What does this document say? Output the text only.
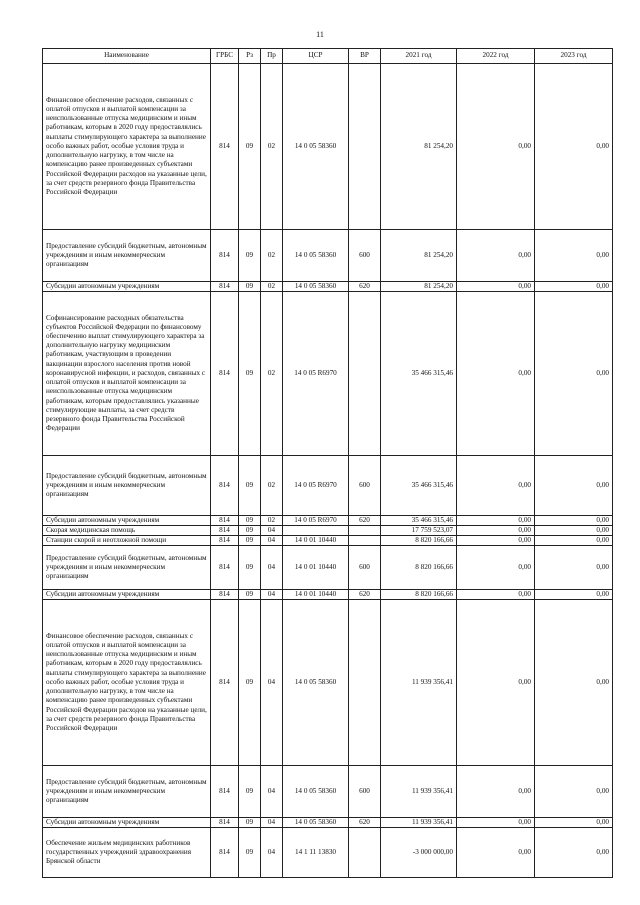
11
Наименование	ГРБС	Рз	Пр	ЦСР	ВР	2021 год	2022 год	2023 год
Финансовое обеспечение расходов, связанных с оплатой отпусков и выплатой компенсации за неиспользованные отпуска медицинским и иным работникам, которым в 2020 году предоставлялись выплаты стимулирующего характера за выполнение особо важных работ, особые условия труда и дополнительную нагрузку, в том числе на компенсацию ранее произведенных субъектами Российской Федерации расходов на указанные цели, за счет средств резервного фонда Правительства Российской Федерации	814	09	02	14 0 05 58360		81 254,20	0,00	0,00
Предоставление субсидий бюджетным, автономным учреждениям и иным некоммерческим организациям	814	09	02	14 0 05 58360	600	81 254,20	0,00	0,00
Субсидии автономным учреждениям	814	09	02	14 0 05 58360	620	81 254,20	0,00	0,00
Софинансирование расходных обязательства субъектов Российской Федерации по финансовому обеспечению выплат стимулирующего характера за дополнительную нагрузку медицинским работникам, участвующим в проведении вакцинации взрослого населения против новой коронавирусной инфекции, и расходов, связанных с оплатой отпусков и выплатой компенсации за неиспользованные отпуска медицинским работникам, которым предоставлялись указанные стимулирующие выплаты, за счет средств резервного фонда Правительства Российской Федерации	814	09	02	14 0 05 R6970		35 466 315,46	0,00	0,00
Предоставление субсидий бюджетным, автономным учреждениям и иным некоммерческим организациям	814	09	02	14 0 05 R6970	600	35 466 315,46	0,00	0,00
Субсидии автономным учреждениям	814	09	02	14 0 05 R6970	620	35 466 315,46	0,00	0,00
Скорая медицинская помощь	814	09	04			17 759 523,07	0,00	0,00
Станции скорой и неотложной помощи	814	09	04	14 0 01 10440		8 820 166,66	0,00	0,00
Предоставление субсидий бюджетным, автономным учреждениям и иным некоммерческим организациям	814	09	04	14 0 01 10440	600	8 820 166,66	0,00	0,00
Субсидии автономным учреждениям	814	09	04	14 0 01 10440	620	8 820 166,66	0,00	0,00
Финансовое обеспечение расходов, связанных с оплатой отпусков и выплатой компенсации за неиспользованные отпуска медицинским и иным работникам, которым в 2020 году предоставлялись выплаты стимулирующего характера за выполнение особо важных работ, особые условия труда и дополнительную нагрузку, в том числе на компенсацию ранее произведенных субъектами Российской Федерации расходов на указанные цели, за счет средств резервного фонда Правительства Российской Федерации	814	09	04	14 0 05 58360		11 939 356,41	0,00	0,00
Предоставление субсидий бюджетным, автономным учреждениям и иным некоммерческим организациям	814	09	04	14 0 05 58360	600	11 939 356,41	0,00	0,00
Субсидии автономным учреждениям	814	09	04	14 0 05 58360	620	11 939 356,41	0,00	0,00
Обеспечение жильем медицинских работников государственных учреждений здравоохранения Брянской области	814	09	04	14 1 11 13830		-3 000 000,00	0,00	0,00
